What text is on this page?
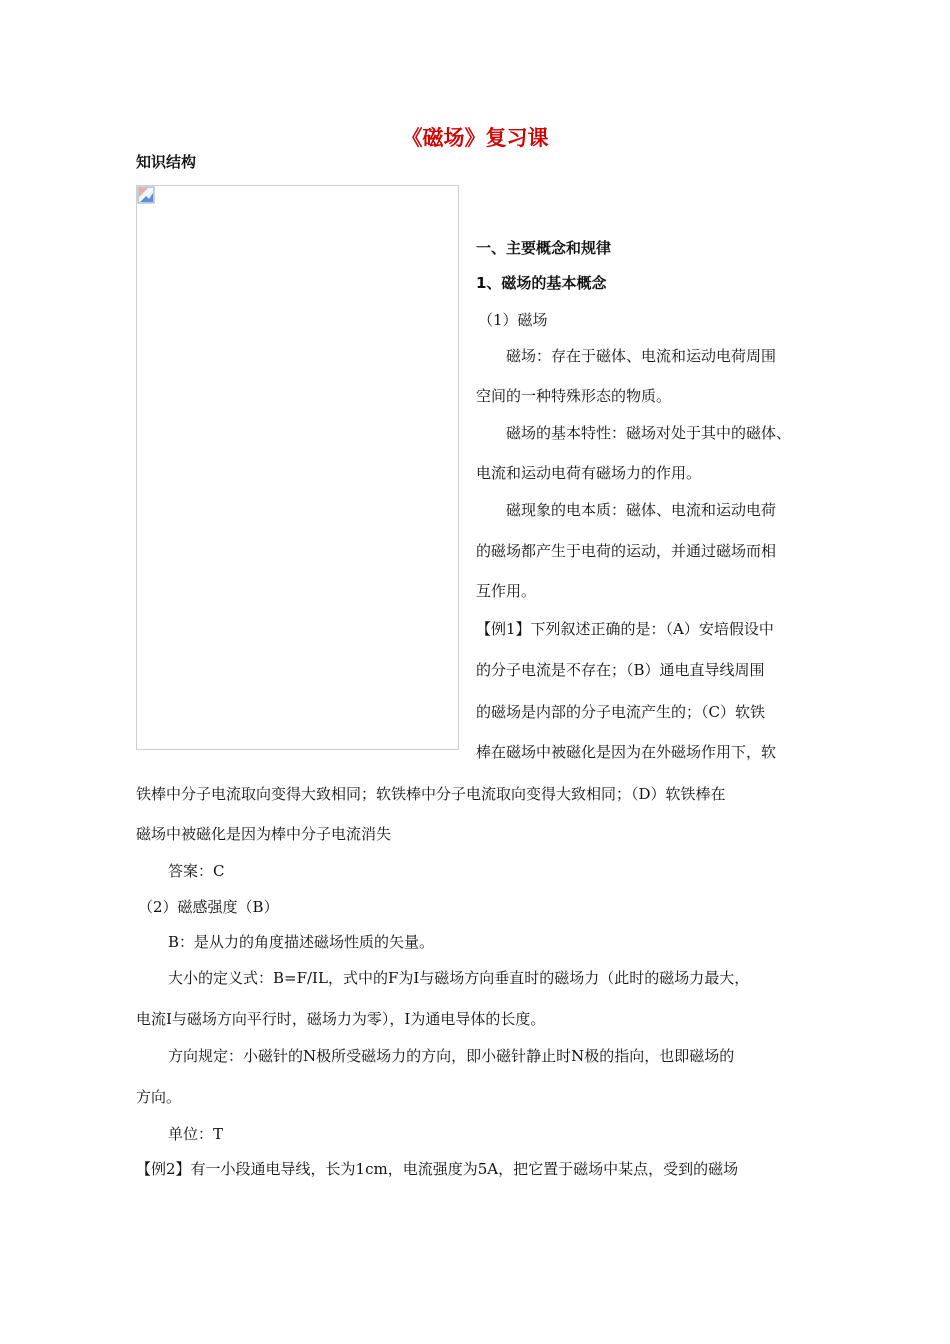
《磁场》复习课
知识结构
一、主要概念和规律
1、磁场的基本概念
（1）磁场
磁场：存在于磁体、电流和运动电荷周围
空间的一种特殊形态的物质。
磁场的基本特性：磁场对处于其中的磁体、
电流和运动电荷有磁场力的作用。
磁现象的电本质：磁体、电流和运动电荷
的磁场都产生于电荷的运动，并通过磁场而相
互作用。
【例1】下列叙述正确的是：（A）安培假设中
的分子电流是不存在；（B）通电直导线周围
的磁场是内部的分子电流产生的；（C）软铁
棒在磁场中被磁化是因为在外磁场作用下，软
铁棒中分子电流取向变得大致相同；软铁棒中分子电流取向变得大致相同；（D）软铁棒在
磁场中被磁化是因为棒中分子电流消失
答案：C
（2）磁感强度（B）
B：是从力的角度描述磁场性质的矢量。
大小的定义式：B=F/IL，式中的F为I与磁场方向垂直时的磁场力（此时的磁场力最大，
电流I与磁场方向平行时，磁场力为零），I为通电导体的长度。
方向规定：小磁针的N极所受磁场力的方向，即小磁针静止时N极的指向，也即磁场的
方向。
单位：T
【例2】有一小段通电导线，长为1cm，电流强度为5A，把它置于磁场中某点，受到的磁场
